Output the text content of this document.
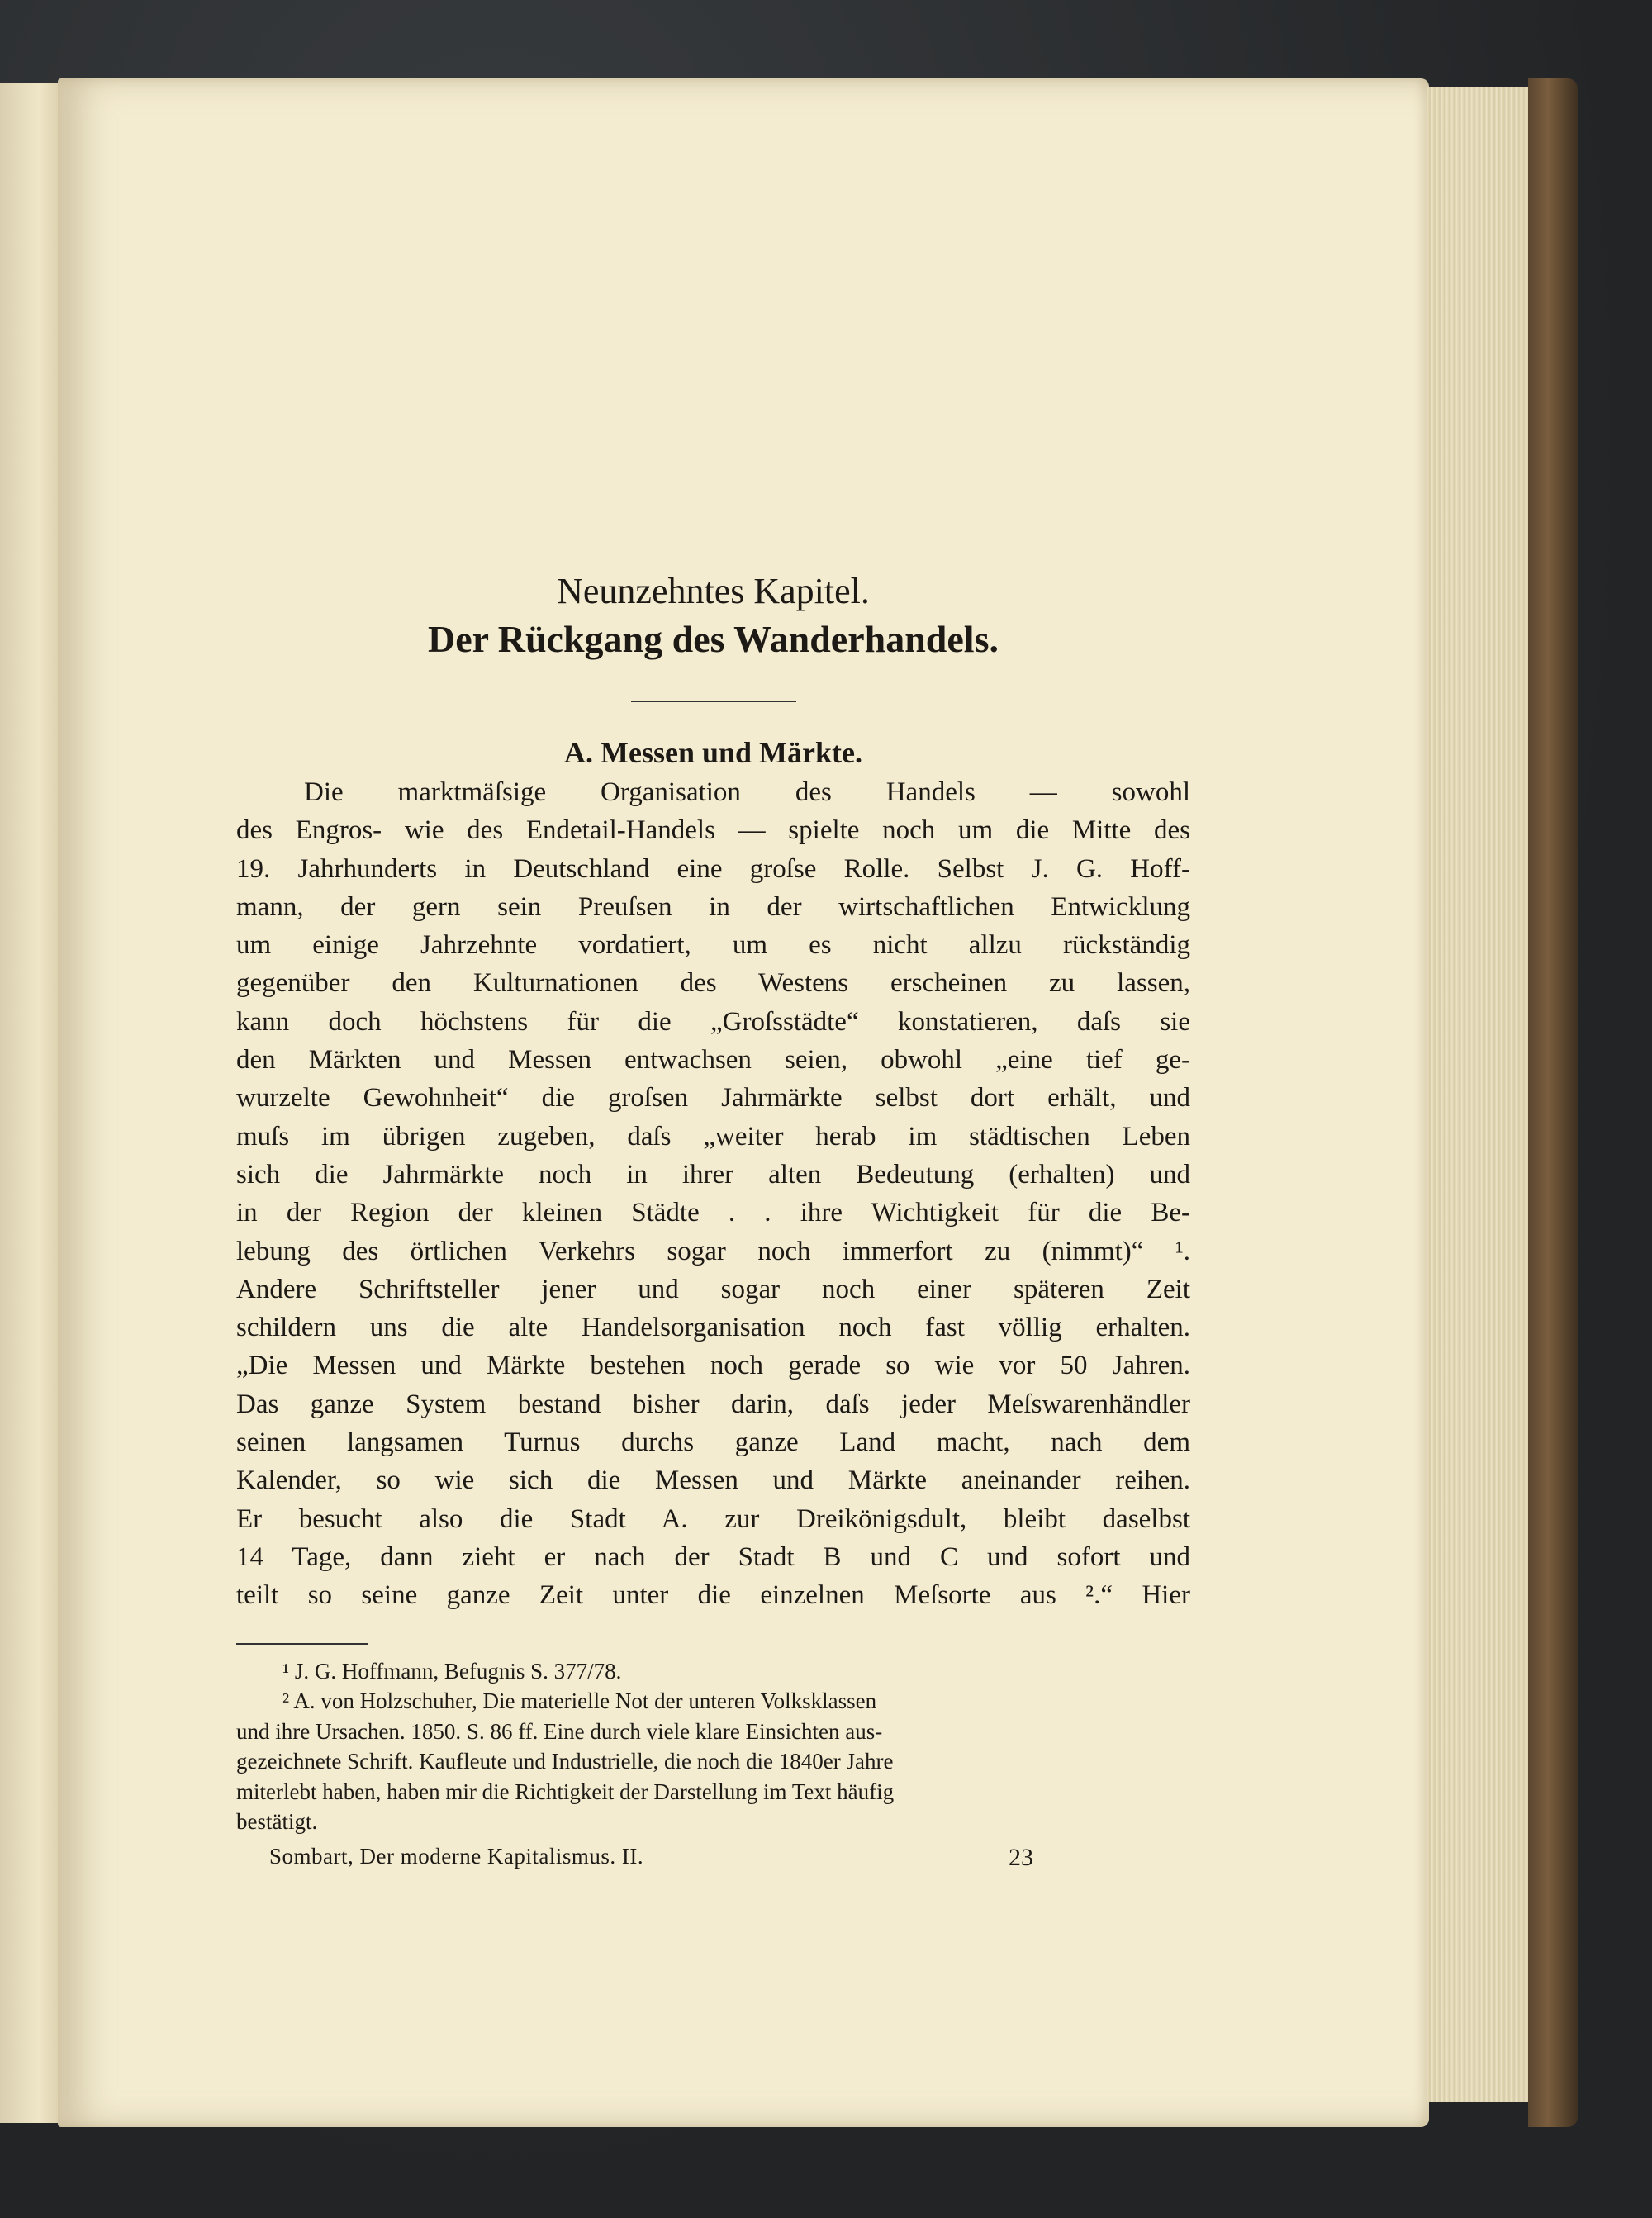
Neunzehntes Kapitel.

Der Rückgang des Wanderhandels.

A. Messen und Märkte.

Die marktmäſsige Organisation des Handels — sowohl
des Engros- wie des Endetail-Handels — spielte noch um die Mitte des
19. Jahrhunderts in Deutschland eine groſse Rolle. Selbst J. G. Hoff-
mann, der gern sein Preuſsen in der wirtschaftlichen Entwicklung
um einige Jahrzehnte vordatiert, um es nicht allzu rückständig
gegenüber den Kulturnationen des Westens erscheinen zu lassen,
kann doch höchstens für die „Groſsstädte“ konstatieren, daſs sie
den Märkten und Messen entwachsen seien, obwohl „eine tief ge-
wurzelte Gewohnheit“ die groſsen Jahrmärkte selbst dort erhält, und
muſs im übrigen zugeben, daſs „weiter herab im städtischen Leben
sich die Jahrmärkte noch in ihrer alten Bedeutung (erhalten) und
in der Region der kleinen Städte . . ihre Wichtigkeit für die Be-
lebung des örtlichen Verkehrs sogar noch immerfort zu (nimmt)“ ¹.
Andere Schriftsteller jener und sogar noch einer späteren Zeit
schildern uns die alte Handelsorganisation noch fast völlig erhalten.
„Die Messen und Märkte bestehen noch gerade so wie vor 50 Jahren.
Das ganze System bestand bisher darin, daſs jeder Meſswarenhändler
seinen langsamen Turnus durchs ganze Land macht, nach dem
Kalender, so wie sich die Messen und Märkte aneinander reihen.
Er besucht also die Stadt A. zur Dreikönigsdult, bleibt daselbst
14 Tage, dann zieht er nach der Stadt B und C und sofort und
teilt so seine ganze Zeit unter die einzelnen Meſsorte aus ².“ Hier
¹ J. G. Hoffmann, Befugnis S. 377/78.
² A. von Holzschuher, Die materielle Not der unteren Volksklassen
und ihre Ursachen. 1850. S. 86 ff. Eine durch viele klare Einsichten aus-
gezeichnete Schrift. Kaufleute und Industrielle, die noch die 1840er Jahre
miterlebt haben, haben mir die Richtigkeit der Darstellung im Text häufig
bestätigt.
Sombart, Der moderne Kapitalismus. II.	23
